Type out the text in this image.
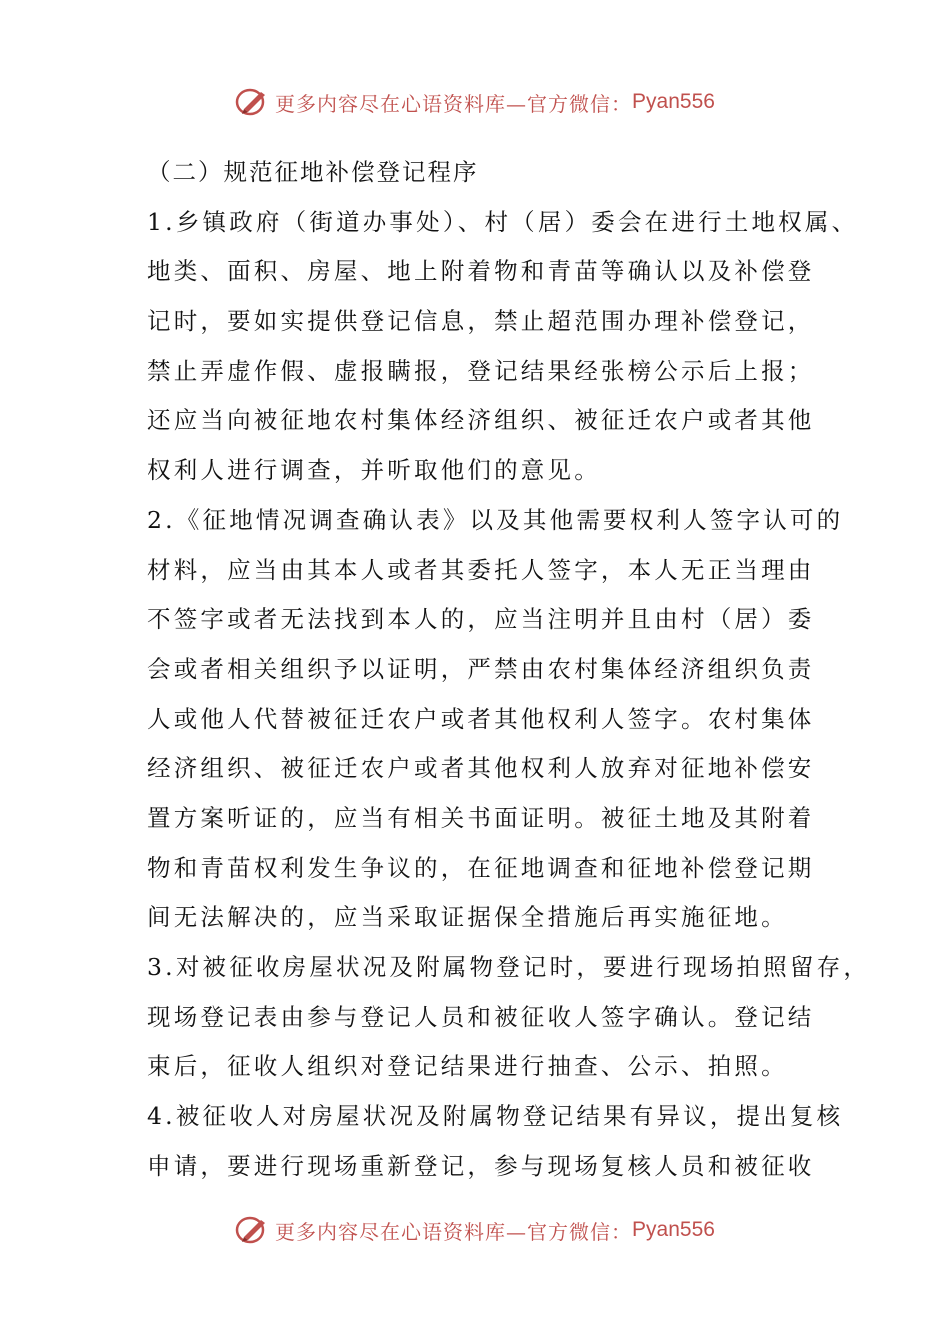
更多内容尽在心语资料库—官方微信： Pyan556
（二）规范征地补偿登记程序
1.乡镇政府（街道办事处）、村（居）委会在进行土地权属、
地类、面积、房屋、地上附着物和青苗等确认以及补偿登
记时，要如实提供登记信息，禁止超范围办理补偿登记，
禁止弄虚作假、虚报瞒报，登记结果经张榜公示后上报；
还应当向被征地农村集体经济组织、被征迁农户或者其他
权利人进行调查，并听取他们的意见。
2.《征地情况调查确认表》以及其他需要权利人签字认可的
材料，应当由其本人或者其委托人签字，本人无正当理由
不签字或者无法找到本人的，应当注明并且由村（居）委
会或者相关组织予以证明，严禁由农村集体经济组织负责
人或他人代替被征迁农户或者其他权利人签字。农村集体
经济组织、被征迁农户或者其他权利人放弃对征地补偿安
置方案听证的，应当有相关书面证明。被征土地及其附着
物和青苗权利发生争议的，在征地调查和征地补偿登记期
间无法解决的，应当采取证据保全措施后再实施征地。
3.对被征收房屋状况及附属物登记时，要进行现场拍照留存，
现场登记表由参与登记人员和被征收人签字确认。登记结
束后，征收人组织对登记结果进行抽查、公示、拍照。
4.被征收人对房屋状况及附属物登记结果有异议，提出复核
申请，要进行现场重新登记，参与现场复核人员和被征收
更多内容尽在心语资料库—官方微信： Pyan556
